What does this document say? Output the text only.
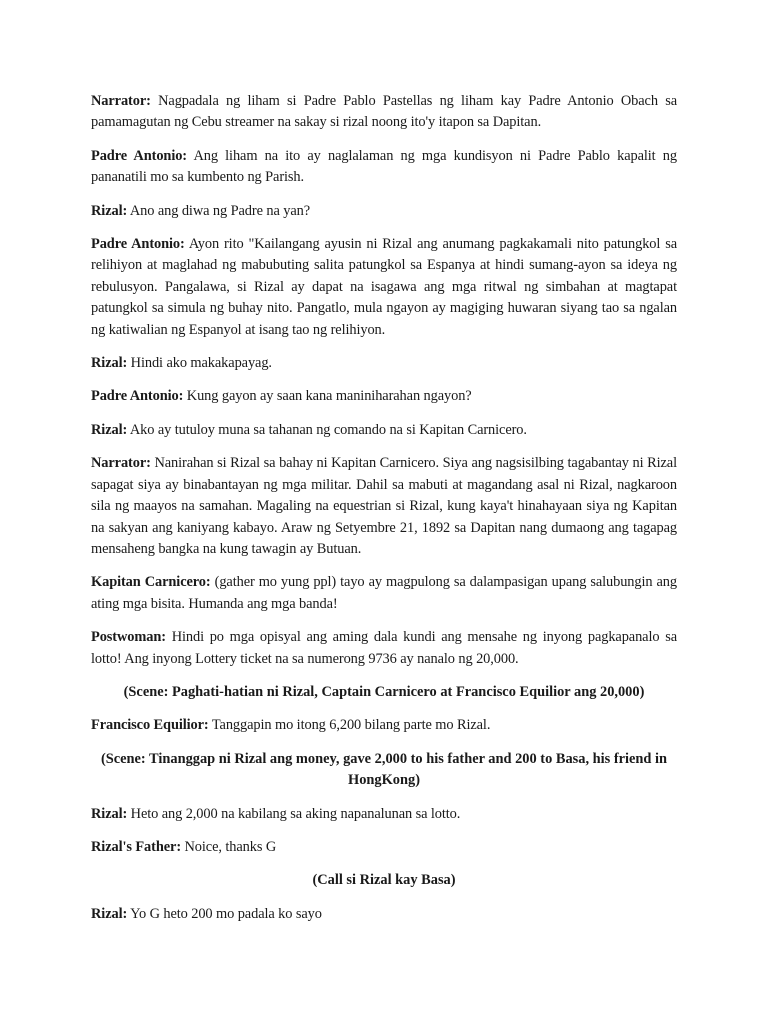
Narrator: Nagpadala ng liham si Padre Pablo Pastellas ng liham kay Padre Antonio Obach sa pamamagutan ng Cebu streamer na sakay si rizal noong ito'y itapon sa Dapitan.

Padre Antonio: Ang liham na ito ay naglalaman ng mga kundisyon ni Padre Pablo kapalit ng pananatili mo sa kumbento ng Parish.

Rizal: Ano ang diwa ng Padre na yan?

Padre Antonio: Ayon rito "Kailangang ayusin ni Rizal ang anumang pagkakamali nito patungkol sa relihiyon at maglahad ng mabubuting salita patungkol sa Espanya at hindi sumang-ayon sa ideya ng rebulusyon. Pangalawa, si Rizal ay dapat na isagawa ang mga ritwal ng simbahan at magtapat patungkol sa simula ng buhay nito. Pangatlo, mula ngayon ay magiging huwaran siyang tao sa ngalan ng katiwalian ng Espanyol at isang tao ng relihiyon.

Rizal: Hindi ako makakapayag.

Padre Antonio: Kung gayon ay saan kana maniniharahan ngayon?

Rizal: Ako ay tutuloy muna sa tahanan ng comando na si Kapitan Carnicero.

Narrator: Nanirahan si Rizal sa bahay ni Kapitan Carnicero. Siya ang nagsisilbing tagabantay ni Rizal sapagat siya ay binabantayan ng mga militar. Dahil sa mabuti at magandang asal ni Rizal, nagkaroon sila ng maayos na samahan. Magaling na equestrian si Rizal, kung kaya't hinahayaan siya ng Kapitan na sakyan ang kaniyang kabayo. Araw ng Setyembre 21, 1892 sa Dapitan nang dumaong ang tagapag mensaheng bangka na kung tawagin ay Butuan.

Kapitan Carnicero: (gather mo yung ppl) tayo ay magpulong sa dalampasigan upang salubungin ang ating mga bisita. Humanda ang mga banda!

Postwoman: Hindi po mga opisyal ang aming dala kundi ang mensahe ng inyong pagkapanalo sa lotto! Ang inyong Lottery ticket na sa numerong 9736 ay nanalo ng 20,000.

(Scene: Paghati-hatian ni Rizal, Captain Carnicero at Francisco Equilior ang 20,000)

Francisco Equilior: Tanggapin mo itong 6,200 bilang parte mo Rizal.

(Scene: Tinanggap ni Rizal ang money, gave 2,000 to his father and 200 to Basa, his friend in HongKong)

Rizal: Heto ang 2,000 na kabilang sa aking napanalunan sa lotto.

Rizal's Father: Noice, thanks G

(Call si Rizal kay Basa)

Rizal: Yo G heto 200 mo padala ko sayo
